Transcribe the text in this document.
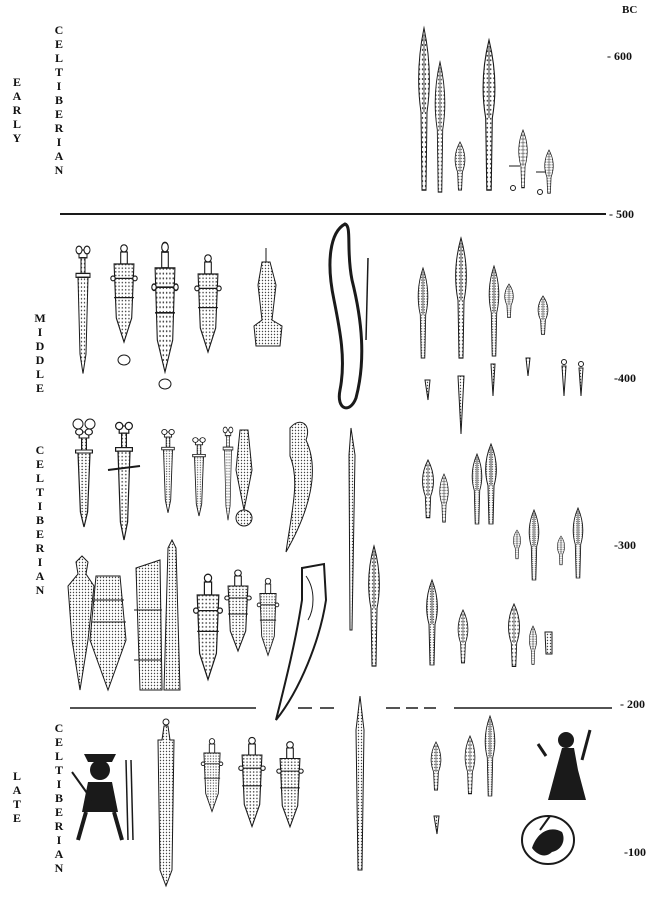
BC
E
A
R
L
Y
C
E
L
T
I
B
E
R
I
A
N
M
I
D
D
L
E
C
E
L
T
I
B
E
R
I
A
N
L
A
T
E
C
E
L
T
I
B
E
R
I
A
N
- 600
- 500
-400
-300
- 200
-100
